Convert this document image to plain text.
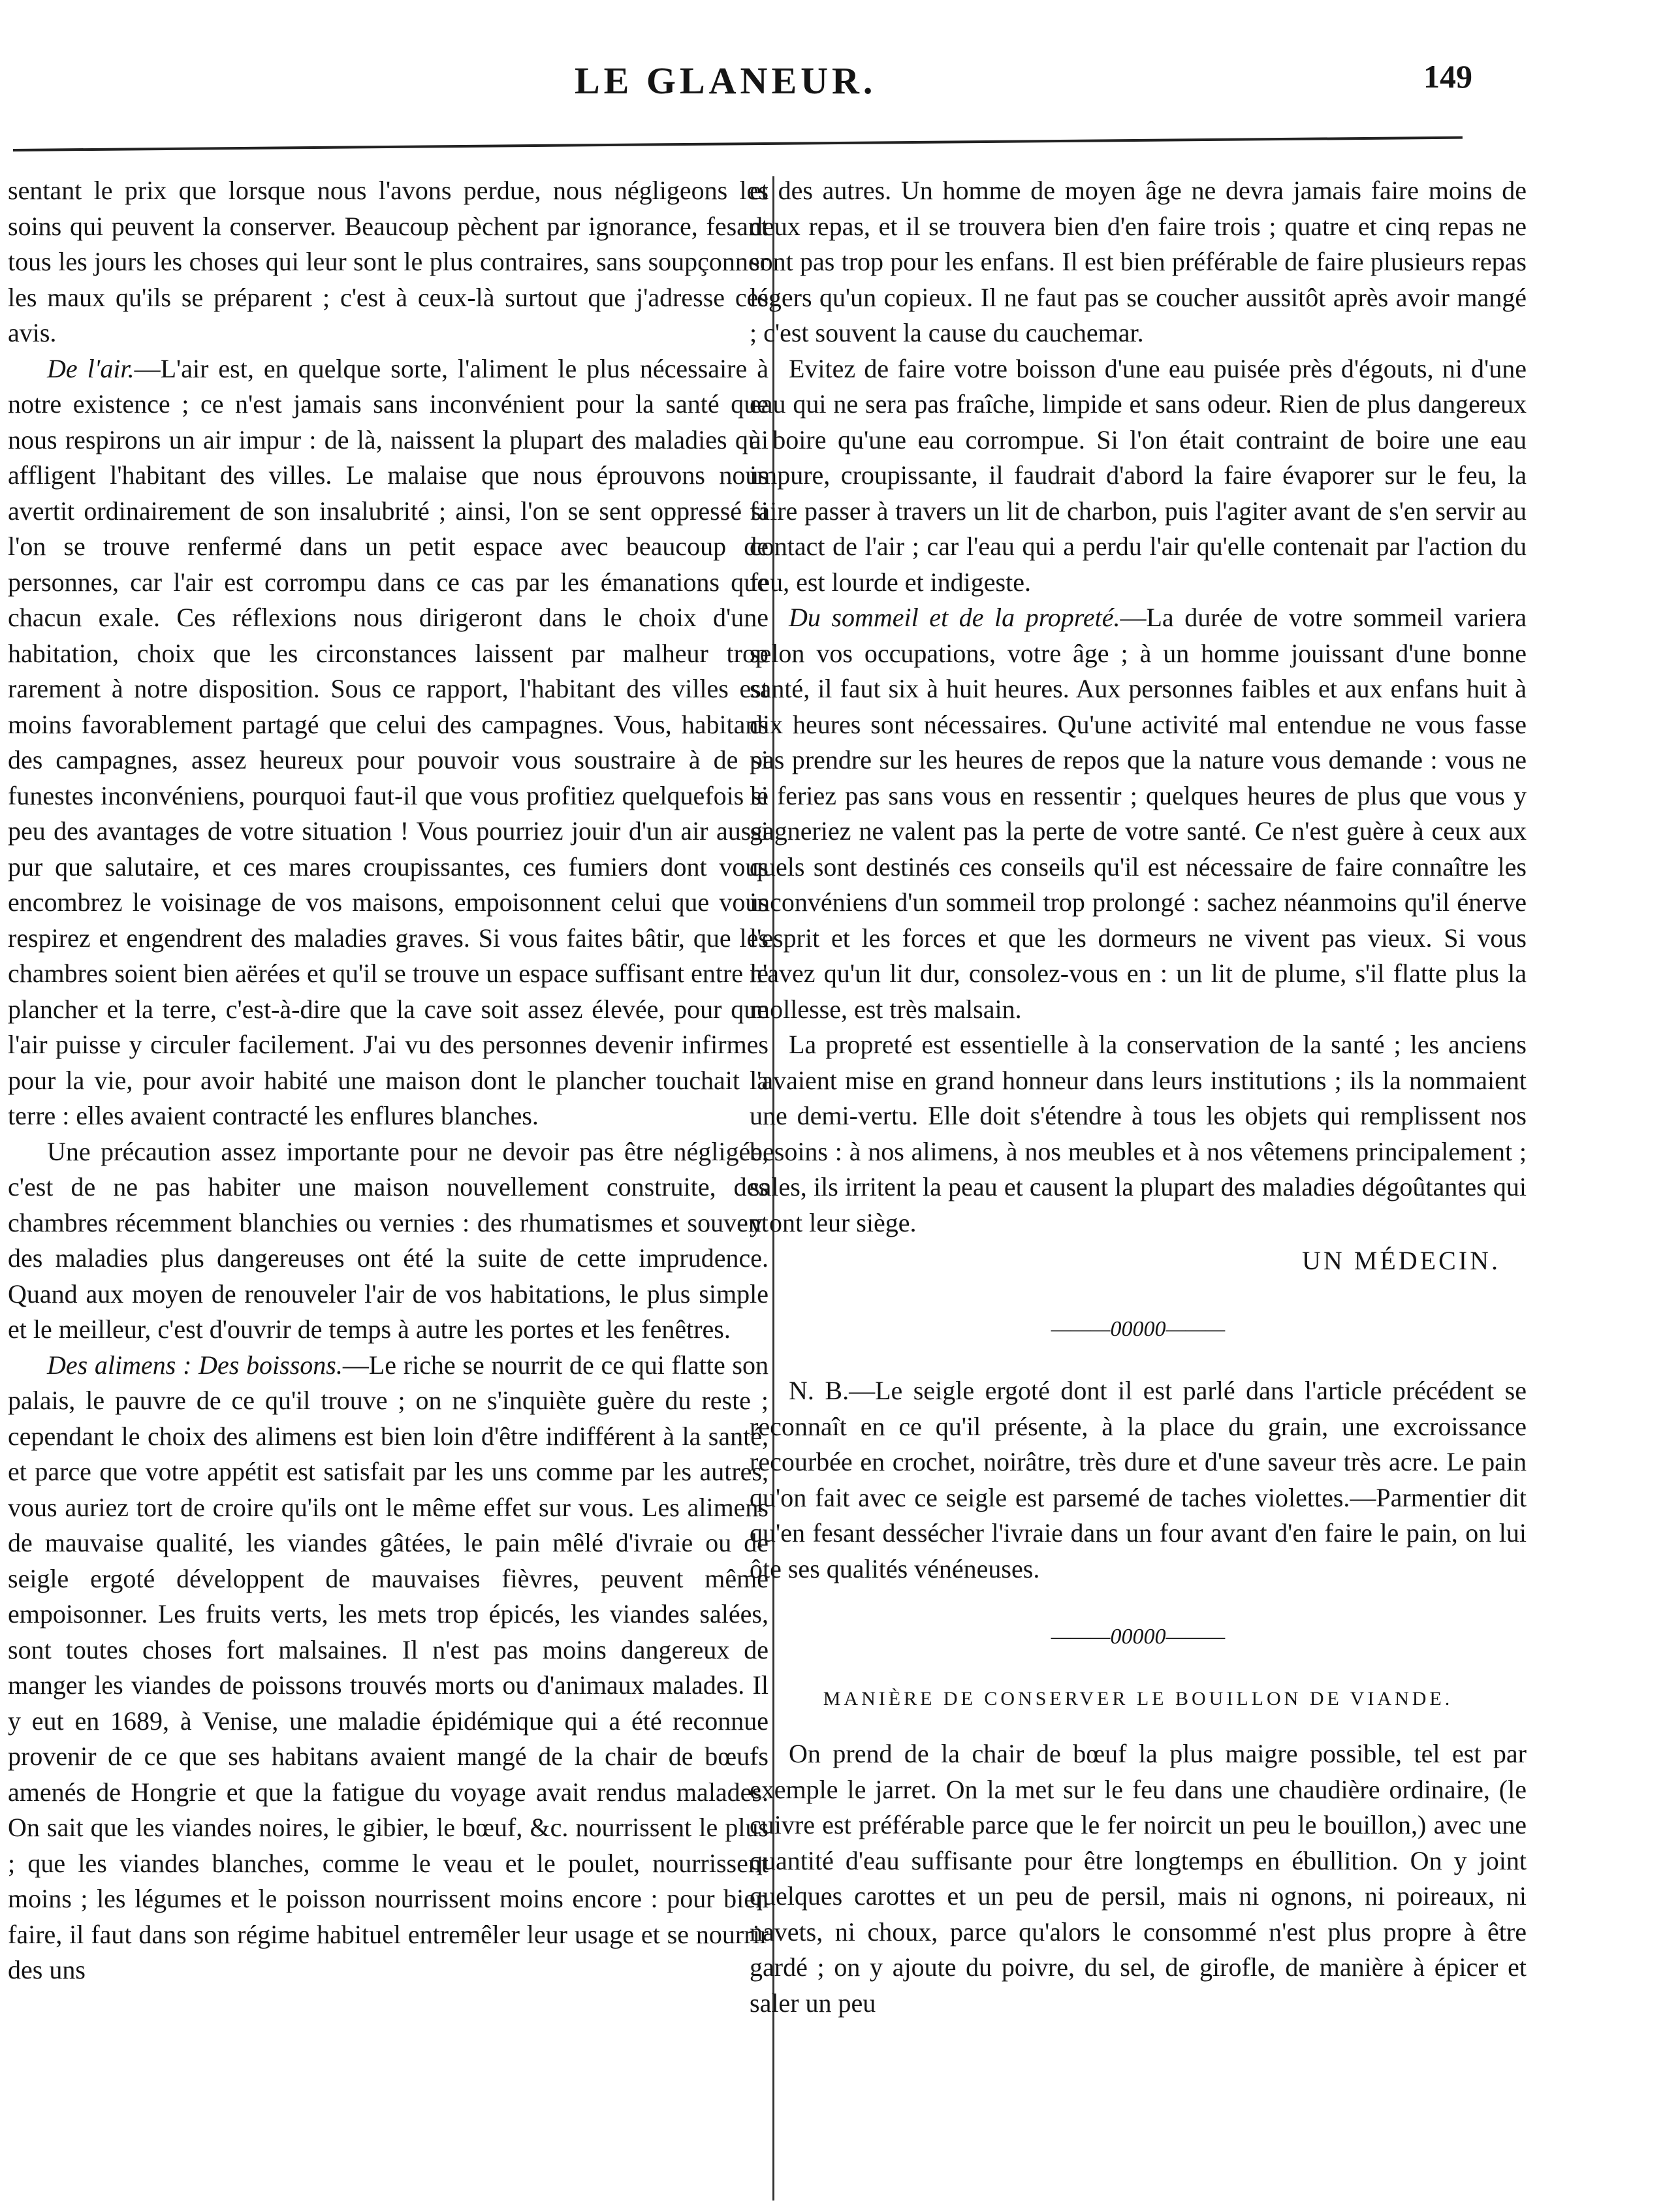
LE GLANEUR.	149

sentant le prix que lorsque nous l'avons perdue, nous négligeons les soins qui peuvent la conserver. Beaucoup pèchent par ignorance, fesant tous les jours les choses qui leur sont le plus contraires, sans soupçonner les maux qu'ils se préparent ; c'est à ceux-là surtout que j'adresse ces avis.

De l'air.—L'air est, en quelque sorte, l'aliment le plus nécessaire à notre existence ; ce n'est jamais sans inconvénient pour la santé que nous respirons un air impur : de là, naissent la plupart des maladies qui affligent l'habitant des villes. Le malaise que nous éprouvons nous avertit ordinairement de son insalubrité ; ainsi, l'on se sent oppressé si l'on se trouve renfermé dans un petit espace avec beaucoup de personnes, car l'air est corrompu dans ce cas par les émanations que chacun exale. Ces réflexions nous dirigeront dans le choix d'une habitation, choix que les circonstances laissent par malheur trop rarement à notre disposition. Sous ce rapport, l'habitant des villes est moins favorablement partagé que celui des campagnes. Vous, habitans des campagnes, assez heureux pour pouvoir vous soustraire à de si funestes inconvéniens, pourquoi faut-il que vous profitiez quelquefois si peu des avantages de votre situation ! Vous pourriez jouir d'un air aussi pur que salutaire, et ces mares croupissantes, ces fumiers dont vous encombrez le voisinage de vos maisons, empoisonnent celui que vous respirez et engendrent des maladies graves. Si vous faites bâtir, que les chambres soient bien aërées et qu'il se trouve un espace suffisant entre le plancher et la terre, c'est-à-dire que la cave soit assez élevée, pour que l'air puisse y circuler facilement. J'ai vu des personnes devenir infirmes pour la vie, pour avoir habité une maison dont le plancher touchait la terre : elles avaient contracté les enflures blanches.

Une précaution assez importante pour ne devoir pas être négligée, c'est de ne pas habiter une maison nouvellement construite, des chambres récemment blanchies ou vernies : des rhumatismes et souvent des maladies plus dangereuses ont été la suite de cette imprudence. Quand aux moyen de renouveler l'air de vos habitations, le plus simple et le meilleur, c'est d'ouvrir de temps à autre les portes et les fenêtres.

Des alimens : Des boissons.—Le riche se nourrit de ce qui flatte son palais, le pauvre de ce qu'il trouve ; on ne s'inquiète guère du reste ; cependant le choix des alimens est bien loin d'être indifférent à la santé, et parce que votre appétit est satisfait par les uns comme par les autres, vous auriez tort de croire qu'ils ont le même effet sur vous. Les alimens de mauvaise qualité, les viandes gâtées, le pain mêlé d'ivraie ou de seigle ergoté développent de mauvaises fièvres, peuvent même empoisonner. Les fruits verts, les mets trop épicés, les viandes salées, sont toutes choses fort malsaines. Il n'est pas moins dangereux de manger les viandes de poissons trouvés morts ou d'animaux malades. Il y eut en 1689, à Venise, une maladie épidémique qui a été reconnue provenir de ce que ses habitans avaient mangé de la chair de bœufs amenés de Hongrie et que la fatigue du voyage avait rendus malades. On sait que les viandes noires, le gibier, le bœuf, &c. nourrissent le plus ; que les viandes blanches, comme le veau et le poulet, nourrissent moins ; les légumes et le poisson nourrissent moins encore : pour bien faire, il faut dans son régime habituel entremêler leur usage et se nourrir des uns

et des autres. Un homme de moyen âge ne devra jamais faire moins de deux repas, et il se trouvera bien d'en faire trois ; quatre et cinq repas ne sont pas trop pour les enfans. Il est bien préférable de faire plusieurs repas légers qu'un copieux. Il ne faut pas se coucher aussitôt après avoir mangé ; c'est souvent la cause du cauchemar.

Evitez de faire votre boisson d'une eau puisée près d'égouts, ni d'une eau qui ne sera pas fraîche, limpide et sans odeur. Rien de plus dangereux à boire qu'une eau corrompue. Si l'on était contraint de boire une eau impure, croupissante, il faudrait d'abord la faire évaporer sur le feu, la faire passer à travers un lit de charbon, puis l'agiter avant de s'en servir au contact de l'air ; car l'eau qui a perdu l'air qu'elle contenait par l'action du feu, est lourde et indigeste.

Du sommeil et de la propreté.—La durée de votre sommeil variera selon vos occupations, votre âge ; à un homme jouissant d'une bonne santé, il faut six à huit heures. Aux personnes faibles et aux enfans huit à dix heures sont nécessaires. Qu'une activité mal entendue ne vous fasse pas prendre sur les heures de repos que la nature vous demande : vous ne le feriez pas sans vous en ressentir ; quelques heures de plus que vous y gagneriez ne valent pas la perte de votre santé. Ce n'est guère à ceux aux quels sont destinés ces conseils qu'il est nécessaire de faire connaître les inconvéniens d'un sommeil trop prolongé : sachez néanmoins qu'il énerve l'esprit et les forces et que les dormeurs ne vivent pas vieux. Si vous n'avez qu'un lit dur, consolez-vous en : un lit de plume, s'il flatte plus la mollesse, est très malsain.

La propreté est essentielle à la conservation de la santé ; les anciens l'avaient mise en grand honneur dans leurs institutions ; ils la nommaient une demi-vertu. Elle doit s'étendre à tous les objets qui remplissent nos besoins : à nos alimens, à nos meubles et à nos vêtemens principalement ; sales, ils irritent la peau et causent la plupart des maladies dégoûtantes qui y ont leur siège.

UN MÉDECIN.
———00000———

N. B.—Le seigle ergoté dont il est parlé dans l'article précédent se reconnaît en ce qu'il présente, à la place du grain, une excroissance recourbée en crochet, noirâtre, très dure et d'une saveur très acre. Le pain qu'on fait avec ce seigle est parsemé de taches violettes.—Parmentier dit qu'en fesant dessécher l'ivraie dans un four avant d'en faire le pain, on lui ôte ses qualités vénéneuses.

———00000———
MANIÈRE DE CONSERVER LE BOUILLON DE VIANDE.

On prend de la chair de bœuf la plus maigre possible, tel est par exemple le jarret. On la met sur le feu dans une chaudière ordinaire, (le cuivre est préférable parce que le fer noircit un peu le bouillon,) avec une quantité d'eau suffisante pour être longtemps en ébullition. On y joint quelques carottes et un peu de persil, mais ni ognons, ni poireaux, ni navets, ni choux, parce qu'alors le consommé n'est plus propre à être gardé ; on y ajoute du poivre, du sel, de girofle, de manière à épicer et saler un peu
